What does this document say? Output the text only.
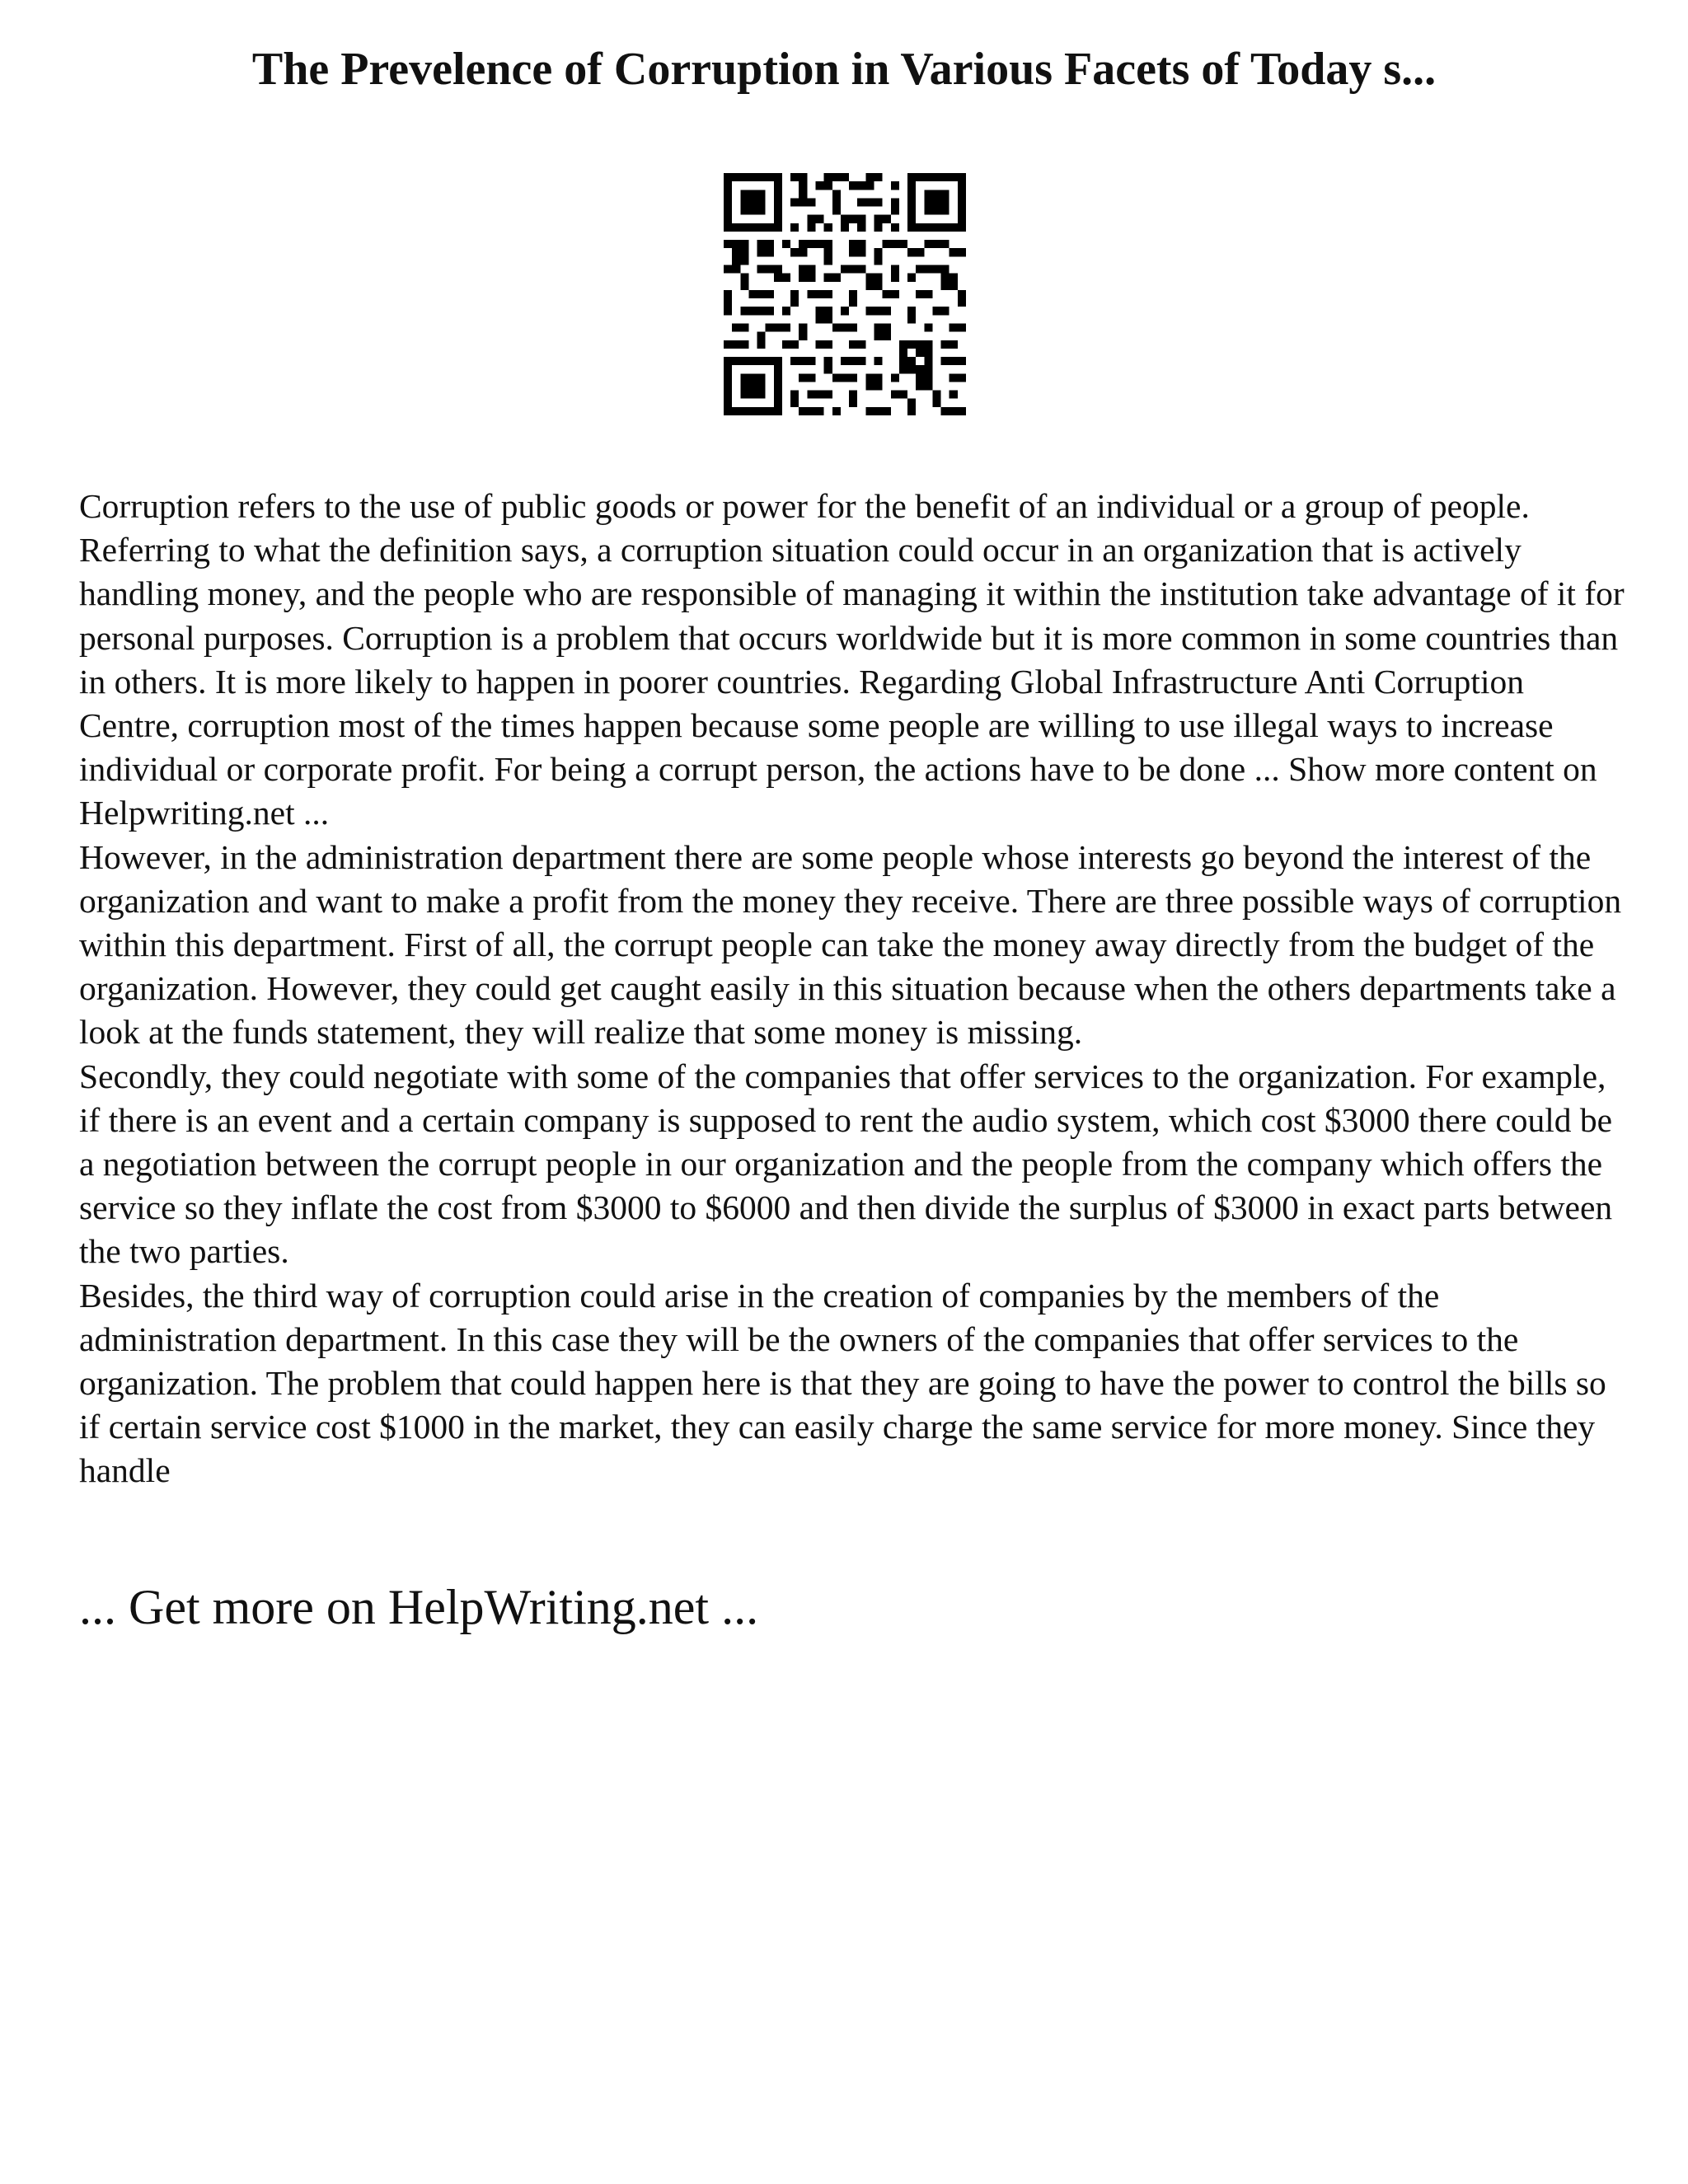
The Prevelence of Corruption in Various Facets of Today s...

Corruption refers to the use of public goods or power for the benefit of an individual or a group of people. Referring to what the definition says, a corruption situation could occur in an organization that is actively handling money, and the people who are responsible of managing it within the institution take advantage of it for personal purposes. Corruption is a problem that occurs worldwide but it is more common in some countries than in others. It is more likely to happen in poorer countries. Regarding Global Infrastructure Anti Corruption Centre, corruption most of the times happen because some people are willing to use illegal ways to increase individual or corporate profit. For being a corrupt person, the actions have to be done ... Show more content on Helpwriting.net ...

However, in the administration department there are some people whose interests go beyond the interest of the organization and want to make a profit from the money they receive. There are three possible ways of corruption within this department. First of all, the corrupt people can take the money away directly from the budget of the organization. However, they could get caught easily in this situation because when the others departments take a look at the funds statement, they will realize that some money is missing.

Secondly, they could negotiate with some of the companies that offer services to the organization. For example, if there is an event and a certain company is supposed to rent the audio system, which cost $3000 there could be a negotiation between the corrupt people in our organization and the people from the company which offers the service so they inflate the cost from $3000 to $6000 and then divide the surplus of $3000 in exact parts between the two parties.

Besides, the third way of corruption could arise in the creation of companies by the members of the administration department. In this case they will be the owners of the companies that offer services to the organization. The problem that could happen here is that they are going to have the power to control the bills so if certain service cost $1000 in the market, they can easily charge the same service for more money. Since they handle

... Get more on HelpWriting.net ...
